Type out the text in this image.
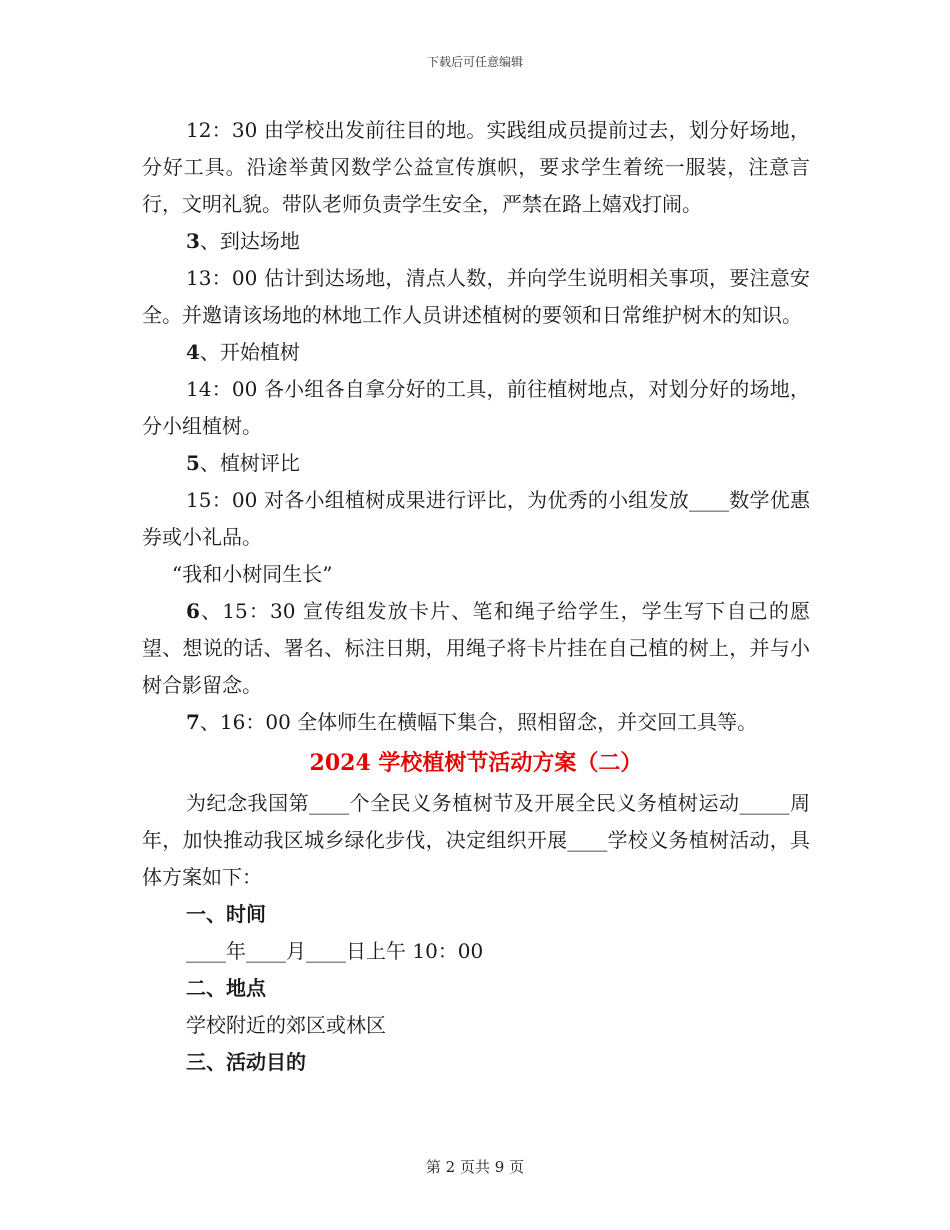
下载后可任意编辑

12：30 由学校出发前往目的地。实践组成员提前过去，划分好场地，分好工具。沿途举黄冈数学公益宣传旗帜，要求学生着统一服装，注意言行，文明礼貌。带队老师负责学生安全，严禁在路上嬉戏打闹。

3、到达场地

13：00 估计到达场地，清点人数，并向学生说明相关事项，要注意安全。并邀请该场地的林地工作人员讲述植树的要领和日常维护树木的知识。

4、开始植树

14：00 各小组各自拿分好的工具，前往植树地点，对划分好的场地，分小组植树。

5、植树评比

15：00 对各小组植树成果进行评比，为优秀的小组发放____数学优惠券或小礼品。

“我和小树同生长”

6、15：30 宣传组发放卡片、笔和绳子给学生，学生写下自己的愿望、想说的话、署名、标注日期，用绳子将卡片挂在自己植的树上，并与小树合影留念。

7、16：00 全体师生在横幅下集合，照相留念，并交回工具等。

2024 学校植树节活动方案（二）

为纪念我国第____个全民义务植树节及开展全民义务植树运动_____周年，加快推动我区城乡绿化步伐，决定组织开展____学校义务植树活动，具体方案如下：

一、时间

____年____月____日上午 10：00

二、地点

学校附近的郊区或林区

三、活动目的

第 2 页共 9 页
